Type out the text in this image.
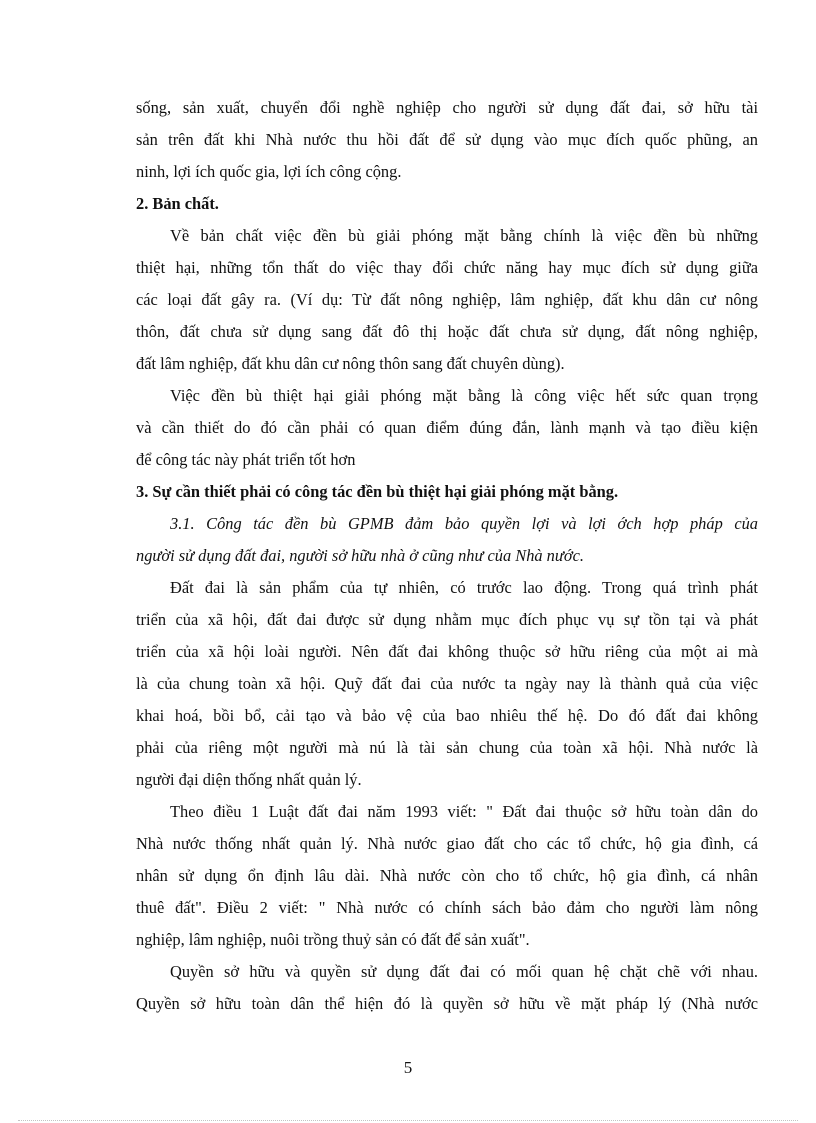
sống, sản xuất, chuyển đổi nghề nghiệp cho người sử dụng đất đai, sở hữu tài
sản trên đất khi Nhà nước thu hồi đất để sử dụng vào mục đích quốc phũng, an
ninh, lợi ích quốc gia, lợi ích công cộng.
2. Bản chất.
Về bản chất việc đền bù giải phóng mặt bằng chính là việc đền bù những
thiệt hại, những tổn thất do việc thay đổi chức năng hay mục đích sử dụng giữa
các loại đất gây ra. (Ví dụ: Từ đất nông nghiệp, lâm nghiệp, đất khu dân cư nông
thôn, đất chưa sử dụng sang đất đô thị hoặc đất chưa sử dụng, đất nông nghiệp,
đất lâm nghiệp, đất khu dân cư nông thôn sang đất chuyên dùng).
Việc đền bù thiệt hại giải phóng mặt bằng là công việc hết sức quan trọng
và cần thiết do đó cần phải có quan điểm đúng đắn, lành mạnh và tạo điều kiện
để công tác này phát triển tốt hơn
3. Sự cần thiết phải có công tác đền bù thiệt hại giải phóng mặt bằng.
3.1. Công tác đền bù GPMB đảm bảo quyền lợi và lợi ớch hợp pháp của
người sử dụng đất đai, người sở hữu nhà ở cũng như của Nhà nước.
Đất đai là sản phẩm của tự nhiên, có trước lao động. Trong quá trình phát
triển của xã hội, đất đai được sử dụng nhằm mục đích phục vụ sự tồn tại và phát
triển của xã hội loài người. Nên đất đai không thuộc sở hữu riêng của một ai mà
là của chung toàn xã hội. Quỹ đất đai của nước ta ngày nay là thành quả của việc
khai hoá, bồi bổ, cải tạo và bảo vệ của bao nhiêu thế hệ. Do đó đất đai không
phải của riêng một người mà nú là tài sản chung của toàn xã hội. Nhà nước là
người đại diện thống nhất quản lý.
Theo điều 1 Luật đất đai năm 1993 viết: " Đất đai thuộc sở hữu toàn dân do
Nhà nước thống nhất quản lý. Nhà nước giao đất cho các tổ chức, hộ gia đình, cá
nhân sử dụng ổn định lâu dài. Nhà nước còn cho tổ chức, hộ gia đình, cá nhân
thuê đất". Điều 2 viết: " Nhà nước có chính sách bảo đảm cho người làm nông
nghiệp, lâm nghiệp, nuôi trồng thuỷ sản có đất để sản xuất".
Quyền sở hữu và quyền sử dụng đất đai có mối quan hệ chặt chẽ với nhau.
Quyền sở hữu toàn dân thể hiện đó là quyền sở hữu về mặt pháp lý (Nhà nước
5
